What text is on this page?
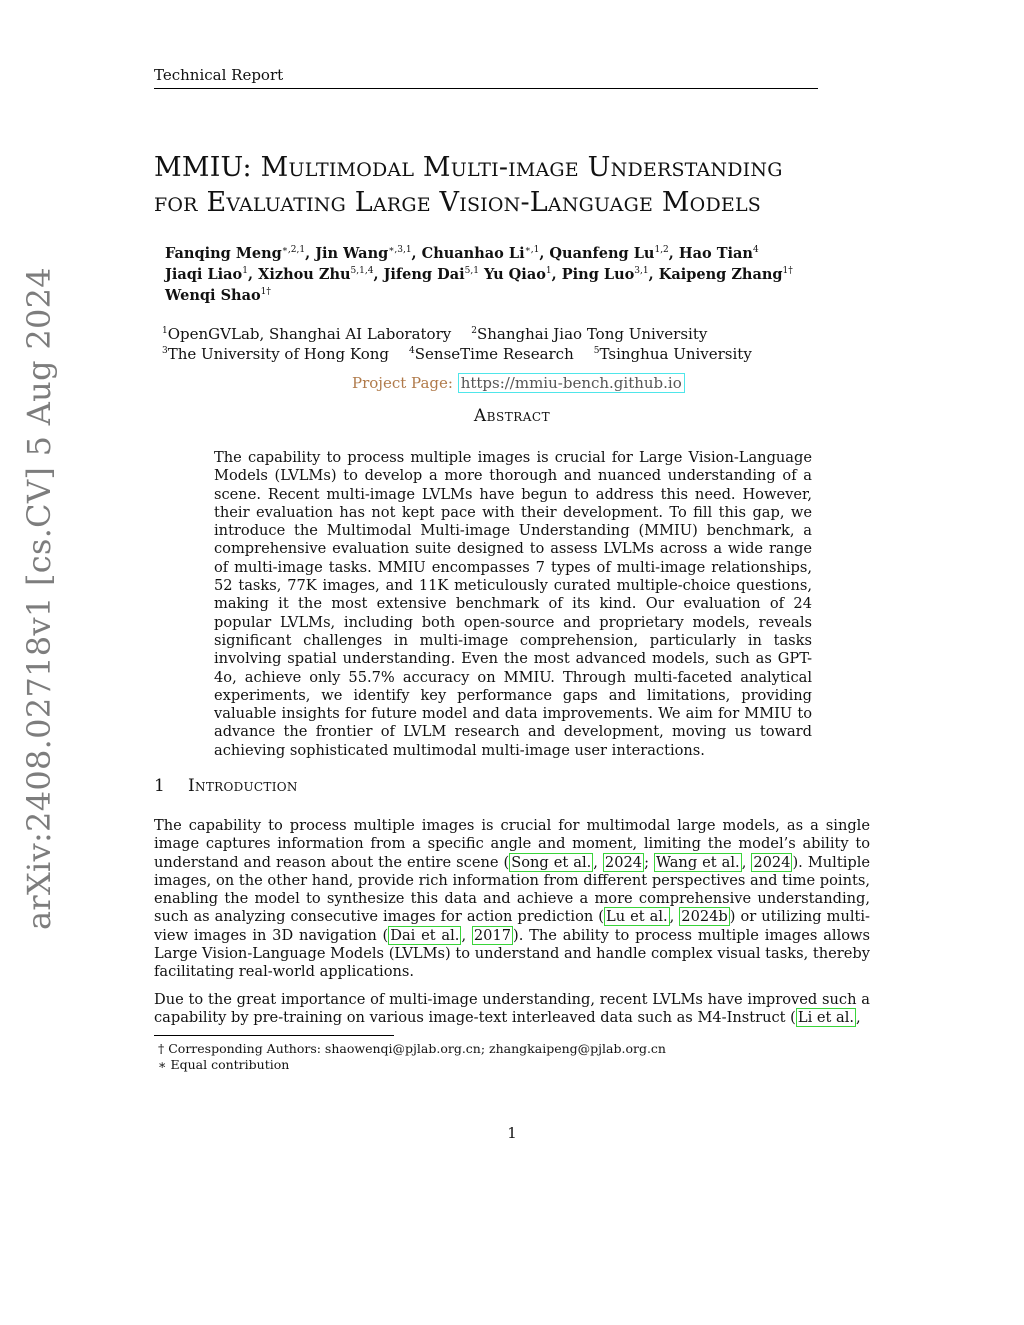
Technical Report
MMIU: Multimodal Multi-image Understanding
for Evaluating Large Vision-Language Models
Fanqing Meng$^{∗,2,1}$, Jin Wang$^{∗,3,1}$, Chuanhao $Li^{∗,1}$, Quanfeng Lu$^{1,2}$, Hao Tian$^4$
Jiaqi Liao$^1$, Xizhou Zhu$^{5,1,4}$, Jifeng Dai$^{5,1}$ Yu Qiao$^1$, Ping Luo$^{3,1}$, Kaipeng Zhang$^{1\dagger}$
Wenqi Shao$^{1\dagger}$
$^1$OpenGVLab, Shanghai AI Laboratory $^2$Shanghai Jiao Tong University
$^3$The University of Hong Kong $^4$SenseTime Research $^5$Tsinghua University
Project Page: https://mmiu-bench.github.io
Abstract
The capability to process multiple images is crucial for Large Vision-Language Models (LVLMs) to develop a more thorough and nuanced understanding of a scene. Recent multi-image LVLMs have begun to address this need. However, their evaluation has not kept pace with their development. To fill this gap, we introduce the Multimodal Multi-image Understanding (MMIU) benchmark, a comprehensive evaluation suite designed to assess LVLMs across a wide range of multi-image tasks. MMIU encompasses 7 types of multi-image relationships, 52 tasks, 77K images, and 11K meticulously curated multiple-choice questions, making it the most extensive benchmark of its kind. Our evaluation of 24 popular LVLMs, including both open-source and proprietary models, reveals significant challenges in multi-image comprehension, particularly in tasks involving spatial understanding. Even the most advanced models, such as GPT-4o, achieve only 55.7% accuracy on MMIU. Through multi-faceted analytical experiments, we identify key performance gaps and limitations, providing valuable insights for future model and data improvements. We aim for MMIU to advance the frontier of LVLM research and development, moving us toward achieving sophisticated multimodal multi-image user interactions.
1 Introduction
The capability to process multiple images is crucial for multimodal large models, as a single image captures information from a specific angle and moment, limiting the model’s ability to understand and reason about the entire scene ( Song et al. , 2024 ; Wang et al. , 2024 ). Multiple images, on the other hand, provide rich information from different perspectives and time points, enabling the model to synthesize this data and achieve a more comprehensive understanding, such as analyzing consecutive images for action prediction ( Lu et al. , 2024b ) or utilizing multi-view images in 3D navigation ( Dai et al. , 2017 ). The ability to process multiple images allows Large Vision-Language Models (LVLMs) to understand and handle complex visual tasks, thereby facilitating real-world applications.
Due to the great importance of multi-image understanding, recent LVLMs have improved such a capability by pre-training on various image-text interleaved data such as M4-Instruct ( Li et al. ,
† Corresponding Authors: shaowenqi@pjlab.org.cn; zhangkaipeng@pjlab.org.cn
∗ Equal contribution
1
arXiv:2408.02718v1 [cs.CV] 5 Aug 2024
